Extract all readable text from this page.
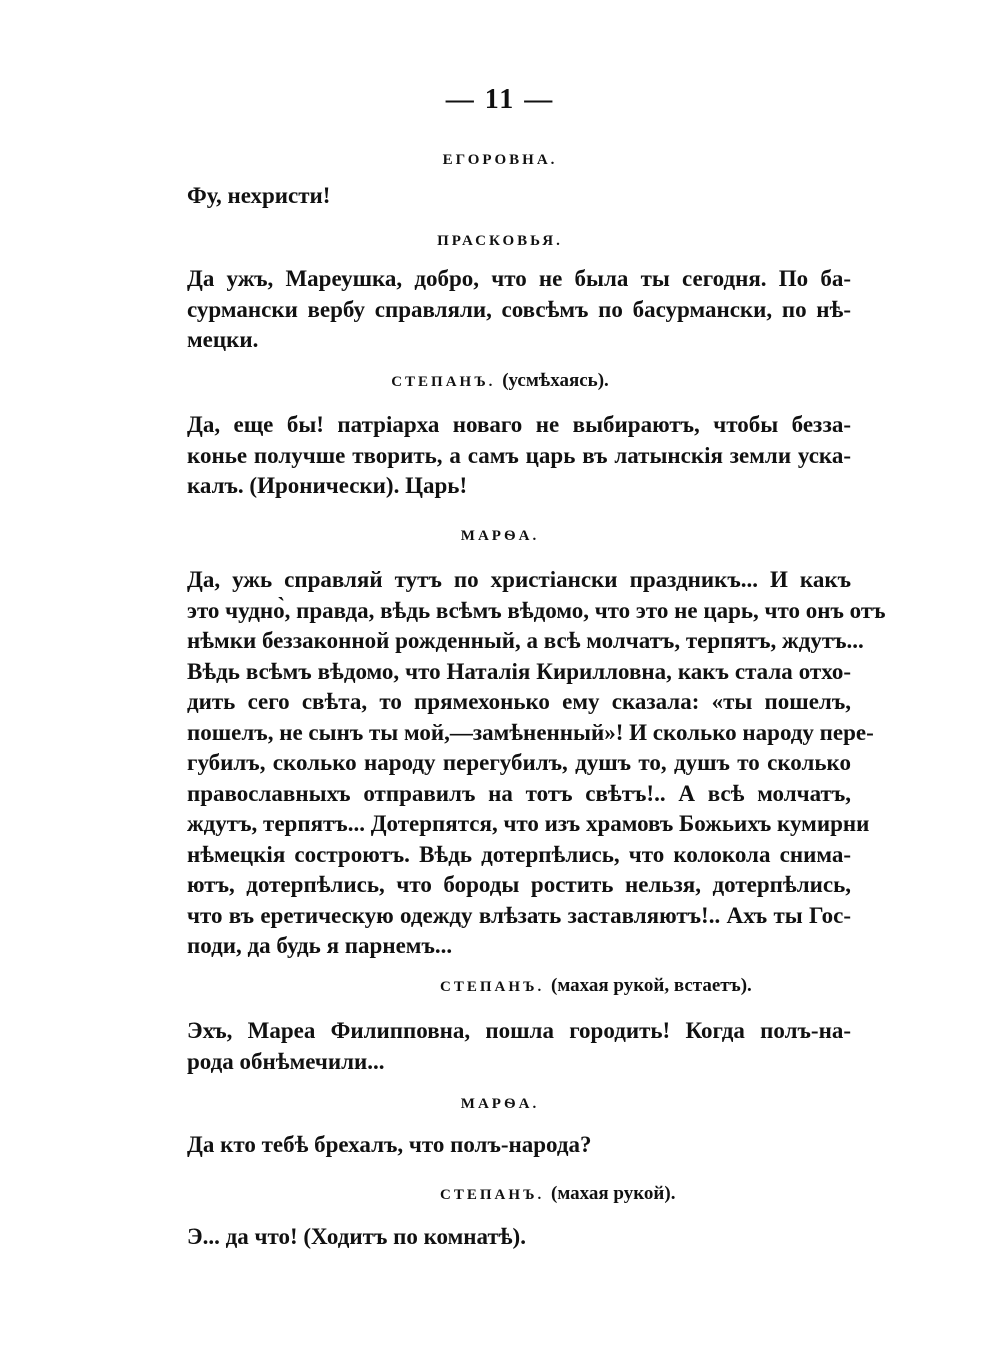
— 11 —
ЕГОРОВНА.
Фу, нехристи!
ПРАСКОВЬЯ.
Да ужъ, Мареушка, добро, что не была ты сегодня. По ба-
сурмански вербу справляли, совсѣмъ по басурмански, по нѣ-
мецки.
СТЕПАНЪ. (усмѣхаясь).
Да, еще бы! патріарха новаго не выбираютъ, чтобы безза-
конье получше творить, а самъ царь въ латынскія земли уска-
калъ. (Иронически). Царь!
МАРѲА.
Да, ужь справляй тутъ по христіански праздникъ... И какъ
это чудно̀, правда, вѣдь всѣмъ вѣдомо, что это не царь, что онъ отъ
нѣмки беззаконной рожденный, а всѣ молчатъ, терпятъ, ждутъ...
Вѣдь всѣмъ вѣдомо, что Наталія Кирилловна, какъ стала отхо-
дить сего свѣта, то прямехонько ему сказала: «ты пошелъ,
пошелъ, не сынъ ты мой,—замѣненный»! И сколько народу пере-
губилъ, сколько народу перегубилъ, душъ то, душъ то сколько
православныхъ отправилъ на тотъ свѣтъ!.. А всѣ молчатъ,
ждутъ, терпятъ... Дотерпятся, что изъ храмовъ Божьихъ кумирни
нѣмецкія состроютъ. Вѣдь дотерпѣлись, что колокола снима-
ютъ, дотерпѣлись, что бороды ростить нельзя, дотерпѣлись,
что въ еретическую одежду влѣзать заставляютъ!.. Ахъ ты Гос-
поди, да будь я парнемъ...
СТЕПАНЪ. (махая рукой, встаетъ).
Эхъ, Мареа Филипповна, пошла городить! Когда полъ-на-
рода обнѣмечили...
МАРѲА.
Да кто тебѣ брехалъ, что полъ-народа?
СТЕПАНЪ. (махая рукой).
Э... да что! (Ходитъ по комнатѣ).
